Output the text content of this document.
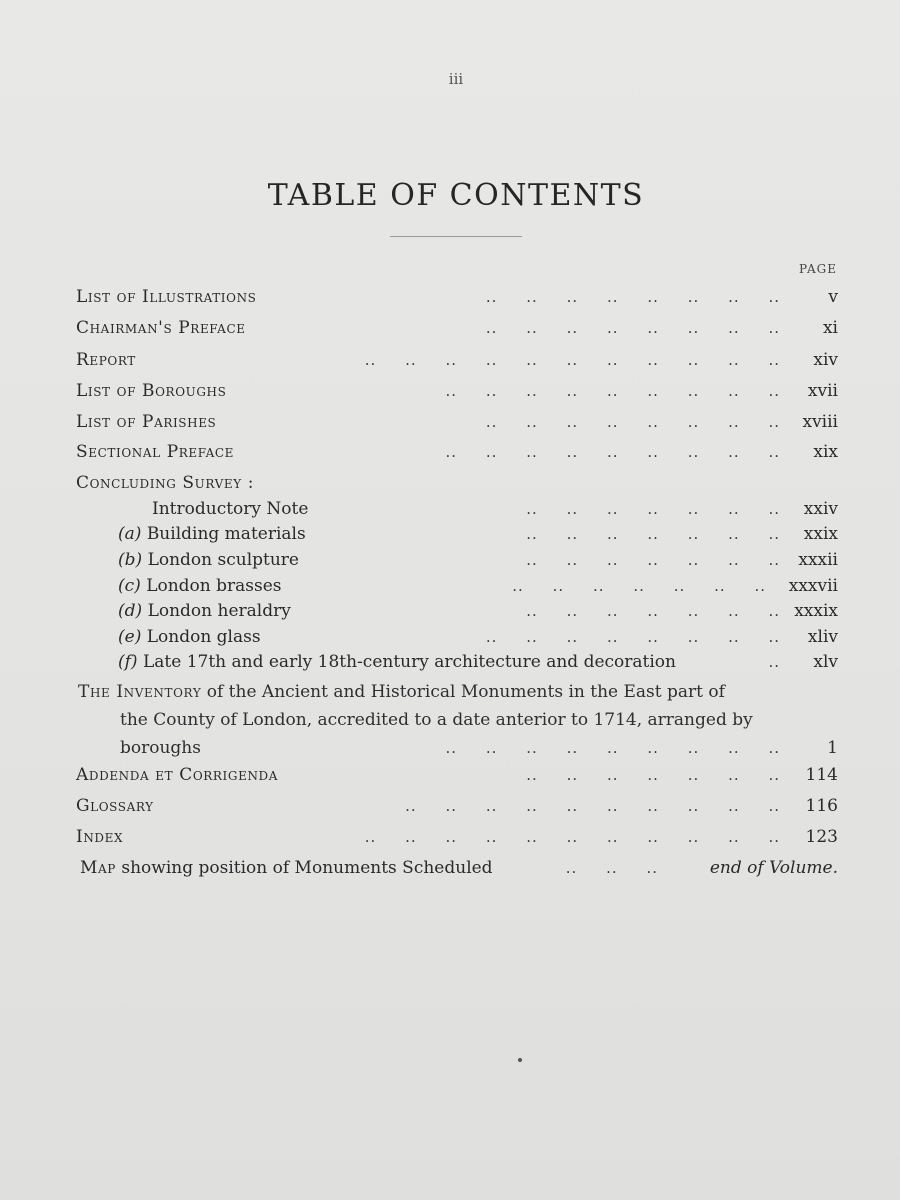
iii
TABLE OF CONTENTS
PAGE
List of Illustrations	..     ..     ..     ..     ..     ..     ..     ..	v
Chairman's Preface	..     ..     ..     ..     ..     ..     ..     ..	xi
Report	..     ..     ..     ..     ..     ..     ..     ..     ..     ..     .. xiv
List of Boroughs	..     ..     ..     ..     ..     ..     ..     ..     .. xvii
List of Parishes	..     ..     ..     ..     ..     ..     ..     .. xviii
Sectional Preface	..     ..     ..     ..     ..     ..     ..     ..     .. xix
Concluding Survey :
Introductory Note	..     ..     ..     ..     ..     ..     .. xxiv
(a) Building materials	..     ..     ..     ..     ..     ..     .. xxix
(b) London sculpture	..     ..     ..     ..     ..     ..     .. xxxii
(c) London brasses	..     ..     ..     ..     ..     ..     .. xxxvii
(d) London heraldry	..     ..     ..     ..     ..     ..     .. xxxix
(e) London glass	..     ..     ..     ..     ..     ..     ..     .. xliv
(f) Late 17th and early 18th-century architecture and decoration	.. xlv
The Inventory of the Ancient and Historical Monuments in the East part of
the County of London, accredited to a date anterior to 1714, arranged by
boroughs	..     ..     ..     ..     ..     ..     ..     ..     ..	1
Addenda et Corrigenda	..     ..     ..     ..     ..     ..     .. 114
Glossary	..     ..     ..     ..     ..     ..     ..     ..     ..     .. 116
Index	..     ..     ..     ..     ..     ..     ..     ..     ..     ..     .. 123
Map showing position of Monuments Scheduled	..     ..     ..	end of Volume.
